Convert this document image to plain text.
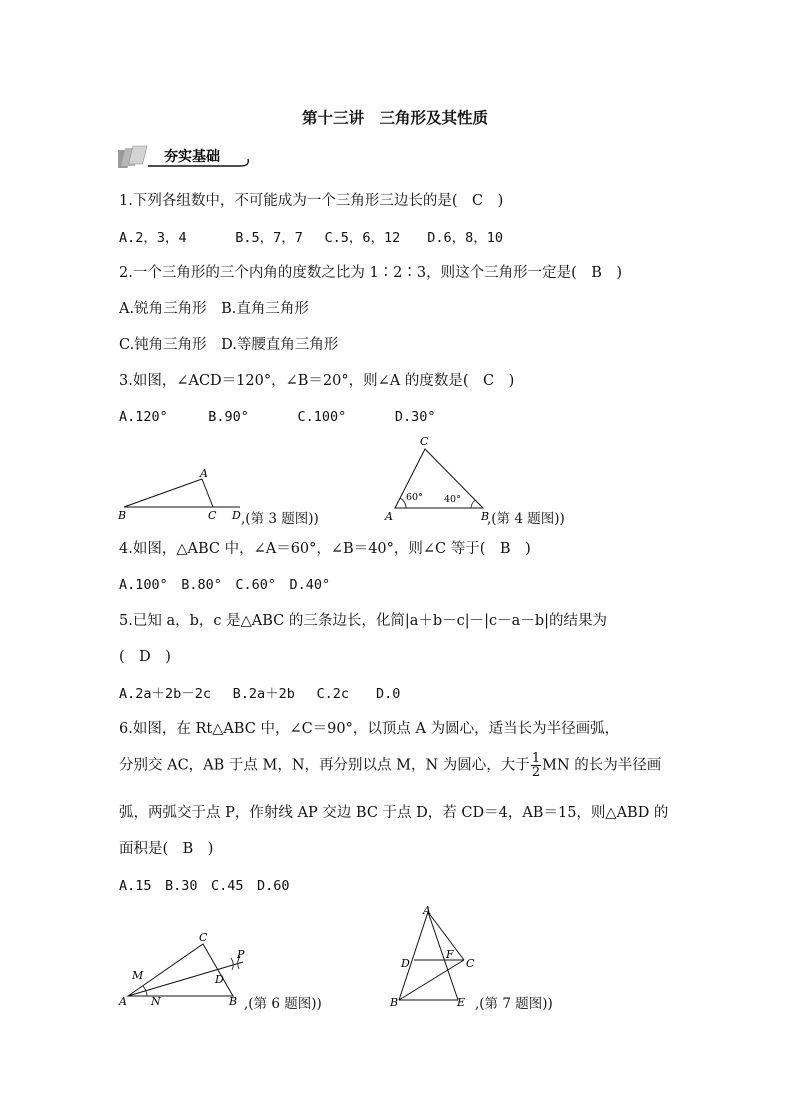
第十三讲　三角形及其性质
夯实基础
1.下列各组数中，不可能成为一个三角形三边长的是(　C　)
A.2，3，4　　　 B.5，7，7　 C.5，6，12　　D.6，8，10
2.一个三角形的三个内角的度数之比为 1∶2∶3，则这个三角形一定是(　B　)
A.锐角三角形　B.直角三角形
C.钝角三角形　D.等腰直角三角形
3.如图，∠ACD＝120°，∠B＝20°，则∠A 的度数是(　C　)
A.120°　　　B.90°　　　 C.100°　　　 D.30°
A
B	C D ,(第 3 题图))
C
A	B
60° 40°
,(第 4 题图))
4.如图，△ABC 中，∠A＝60°，∠B＝40°，则∠C 等于(　B　)
A.100°　B.80°　C.60°　D.40°
5.已知 a，b，c 是△ABC 的三条边长，化简|a＋b－c|－|c－a－b|的结果为
(　D　)
A.2a＋2b－2c　 B.2a＋2b　 C.2c　　D.0
6.如图，在 Rt△ABC 中，∠C＝90°，以顶点 A 为圆心，适当长为半径画弧，
分别交 AC，AB 于点 M，N，再分别以点 M，N 为圆心，大于 $\frac{1}{2}$ MN 的长为半径画
弧，两弧交于点 P，作射线 AP 交边 BC 于点 D，若 CD＝4，AB＝15，则△ABD 的
面积是(　B　)
A.15　B.30　C.45　D.60
C
M	D
P
A N	B ,(第 6 题图))
A
D
F
C
B	E ,(第 7 题图))
